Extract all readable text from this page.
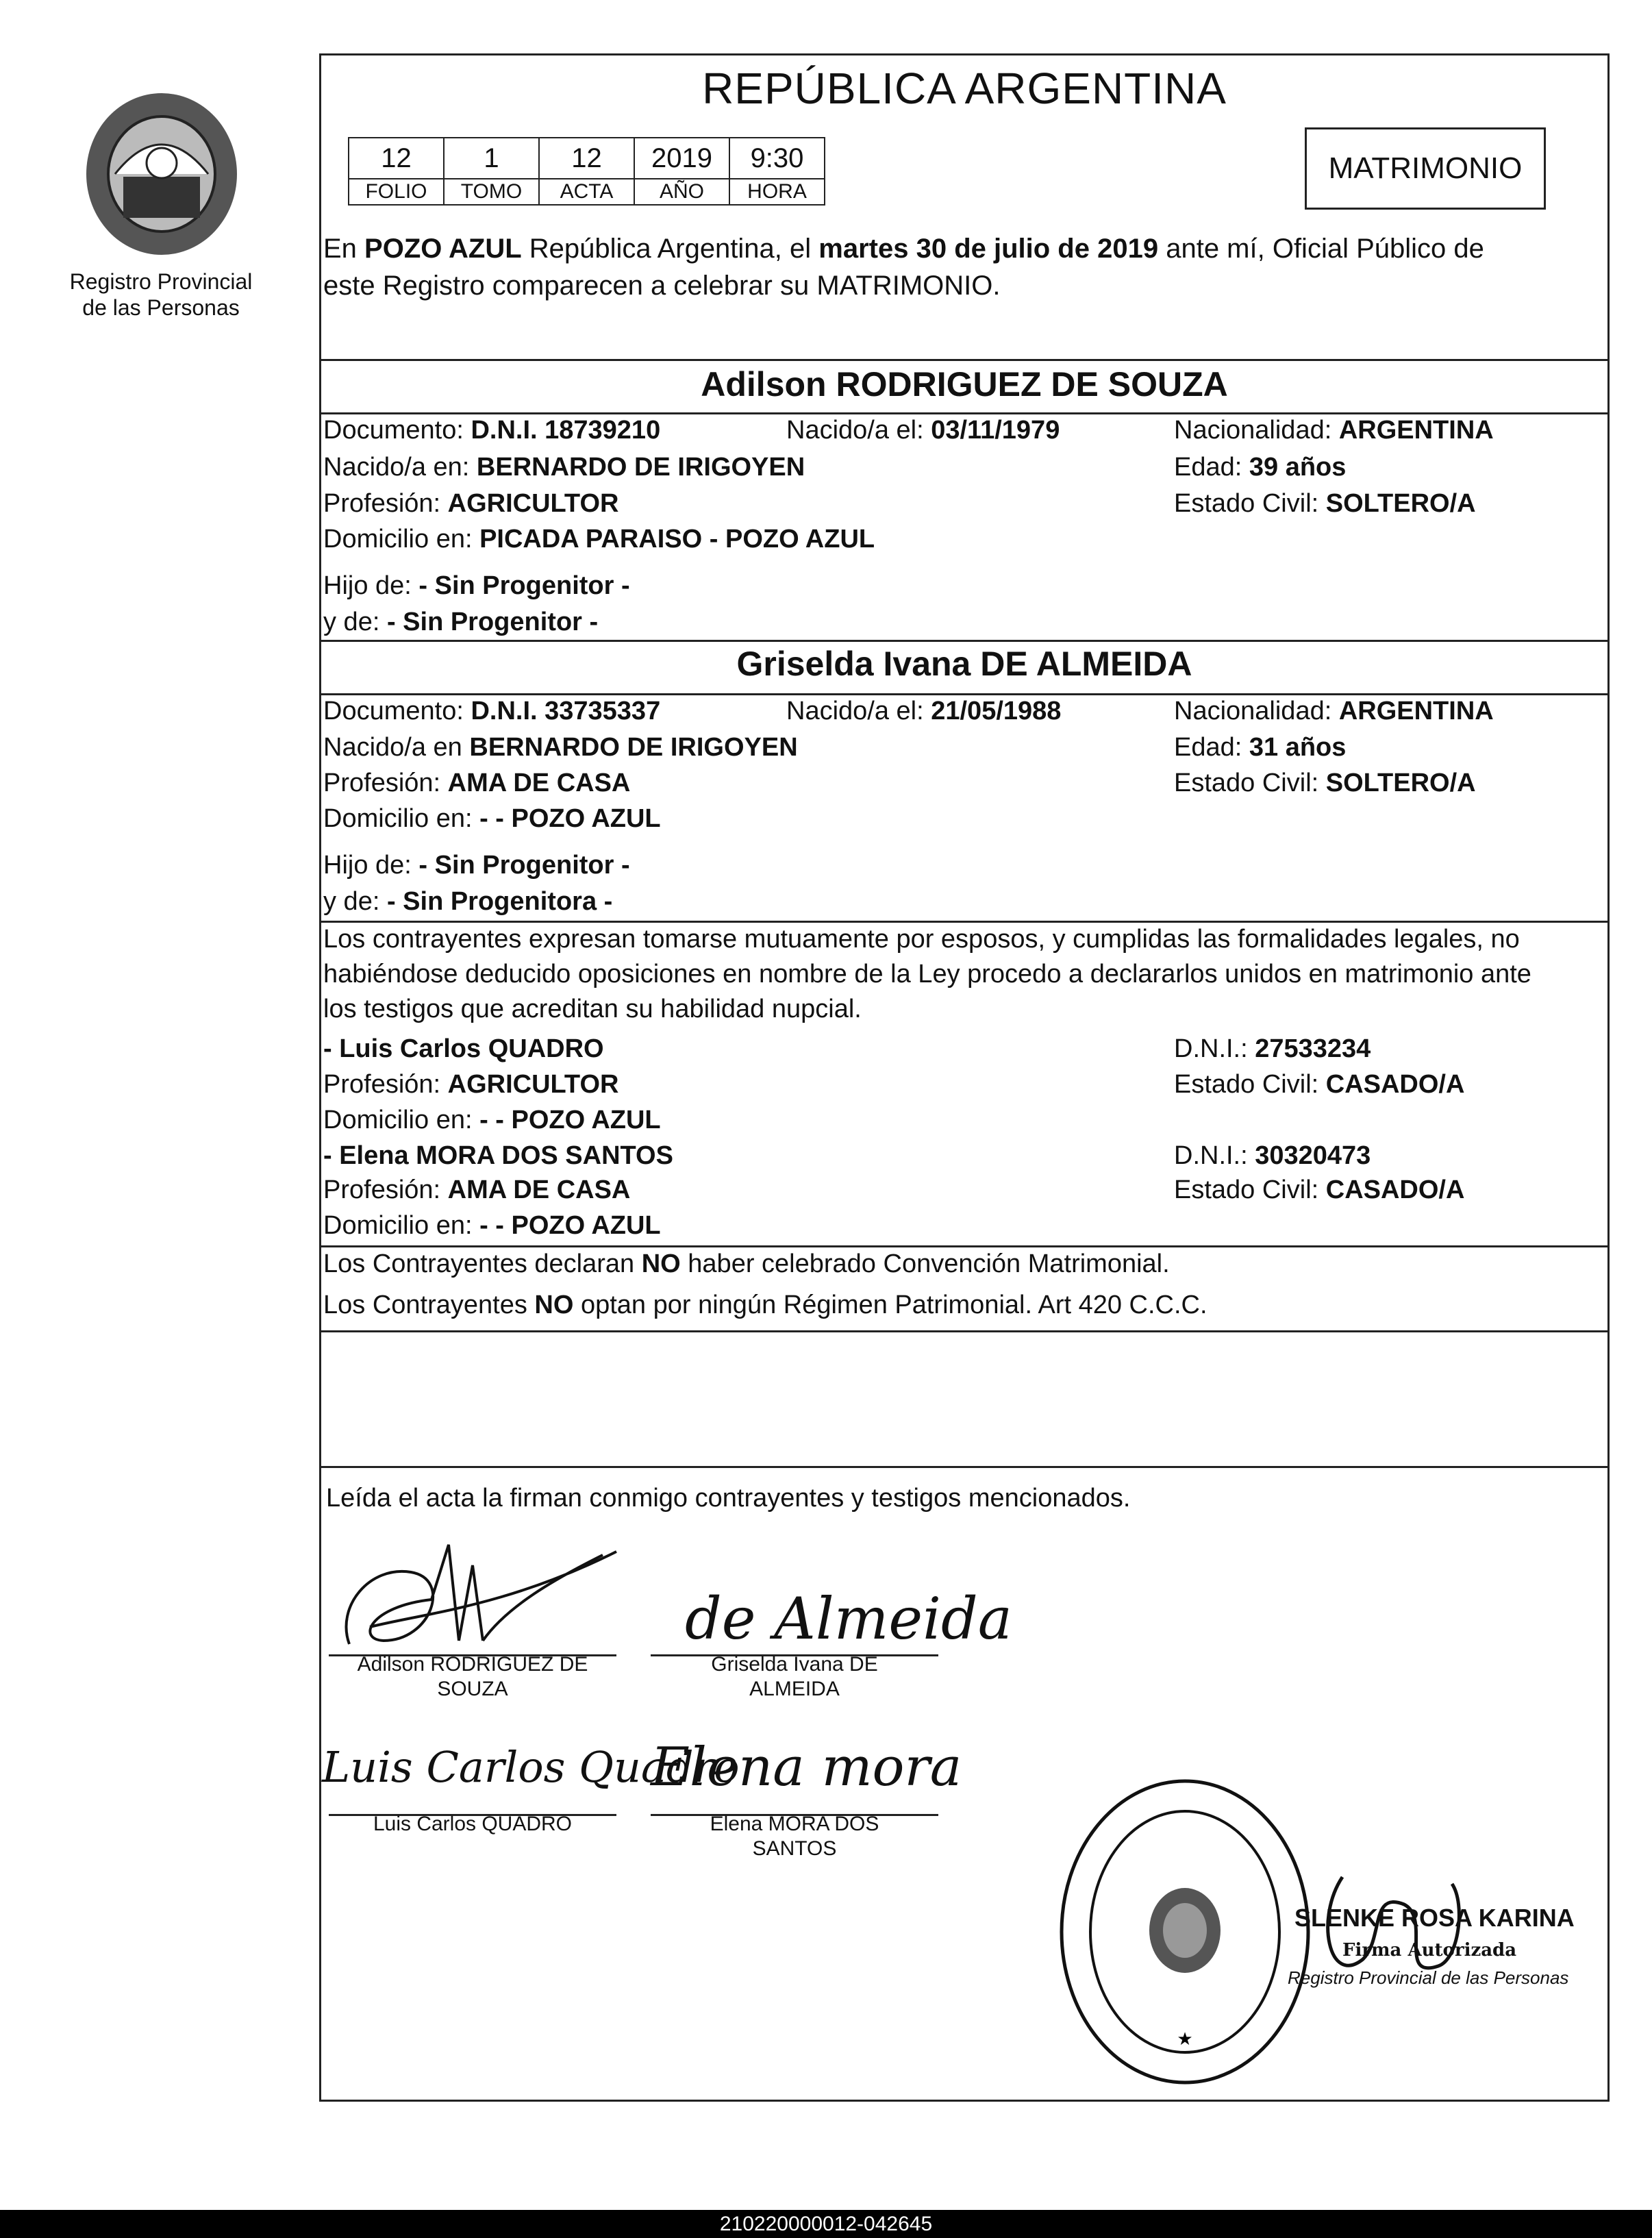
Registro Provincial
de las Personas
REPÚBLICA ARGENTINA
12	1	12	2019	9:30
FOLIO	TOMO	ACTA	AÑO	HORA
MATRIMONIO
En POZO AZUL República Argentina, el martes 30 de julio de 2019 ante mí, Oficial Público de
este Registro comparecen a celebrar su MATRIMONIO.
Adilson RODRIGUEZ DE SOUZA
Documento: D.N.I. 18739210	Nacido/a el: 03/11/1979	Nacionalidad: ARGENTINA
Nacido/a en: BERNARDO DE IRIGOYEN	Edad: 39 años
Profesión: AGRICULTOR	Estado Civil: SOLTERO/A
Domicilio en: PICADA PARAISO - POZO AZUL
Hijo de: - Sin Progenitor -
y de: - Sin Progenitor -
Griselda Ivana DE ALMEIDA
Documento: D.N.I. 33735337	Nacido/a el: 21/05/1988	Nacionalidad: ARGENTINA
Nacido/a en BERNARDO DE IRIGOYEN	Edad: 31 años
Profesión: AMA DE CASA	Estado Civil: SOLTERO/A
Domicilio en: - - POZO AZUL
Hijo de: - Sin Progenitor -
y de: - Sin Progenitora -
Los contrayentes expresan tomarse mutuamente por esposos, y cumplidas las formalidades legales, no
habiéndose deducido oposiciones en nombre de la Ley procedo a declararlos unidos en matrimonio ante
los testigos que acreditan su habilidad nupcial.
- Luis Carlos QUADRO	D.N.I.: 27533234
Profesión: AGRICULTOR	Estado Civil: CASADO/A
Domicilio en: - - POZO AZUL
- Elena MORA DOS SANTOS	D.N.I.: 30320473
Profesión: AMA DE CASA	Estado Civil: CASADO/A
Domicilio en: - - POZO AZUL
Los Contrayentes declaran NO haber celebrado Convención Matrimonial.
Los Contrayentes NO optan por ningún Régimen Patrimonial. Art 420 C.C.C.
Leída el acta la firman conmigo contrayentes y testigos mencionados.
Adilson RODRIGUEZ DE
SOUZA
de Almeida
Griselda Ivana DE
ALMEIDA
Luis Carlos Quadro
Luis Carlos QUADRO
Elena mora
Elena MORA DOS
SANTOS
★
SLENKE ROSA KARINA
Firma Autorizada
Registro Provincial de las Personas
210220000012-042645
